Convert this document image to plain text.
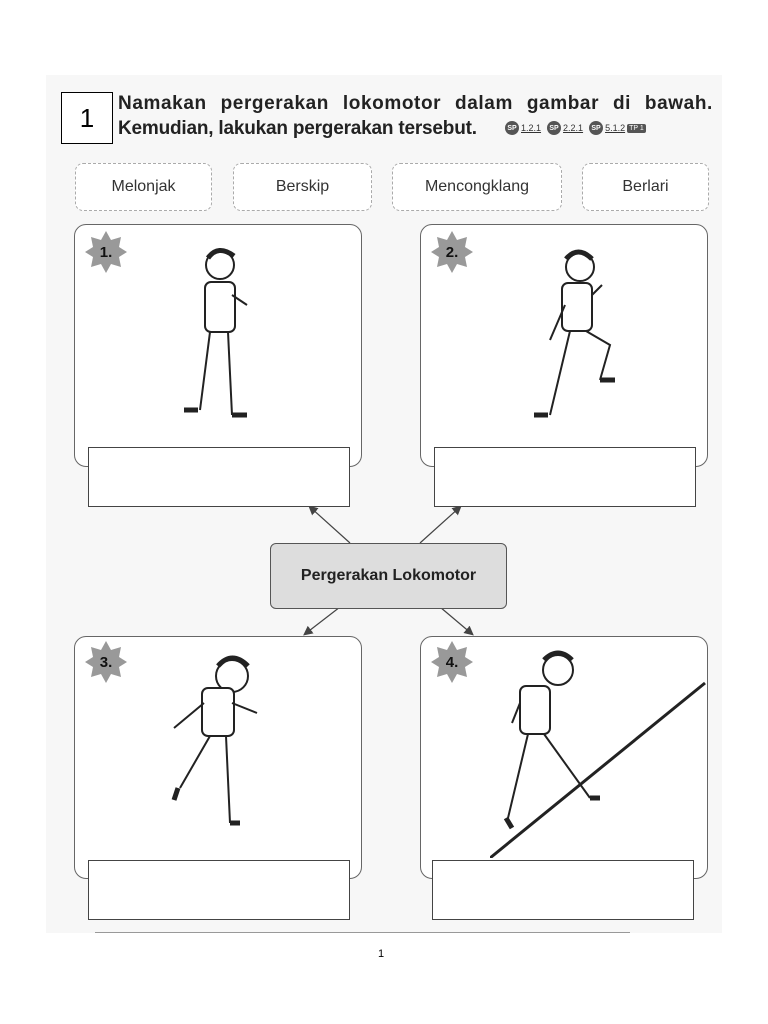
1	Namakan pergerakan lokomotor dalam gambar di bawah.
Kemudian, lakukan pergerakan tersebut.	SP 1.2.1	SP 2.2.1	SP 5.1.2 TP 1
Melonjak	Berskip	Mencongklang	Berlari
1.	2.
3.	4.
Pergerakan Lokomotor
1
